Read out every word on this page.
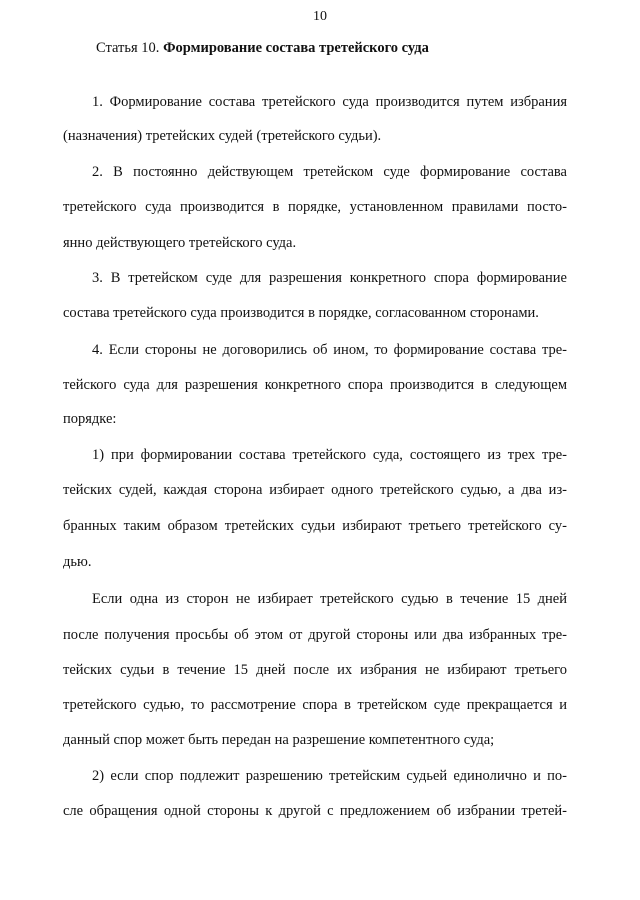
10
Статья 10. Формирование состава третейского суда
1. Формирование состава третейского суда производится путем избрания
(назначения) третейских судей (третейского судьи).
2. В постоянно действующем третейском суде формирование состава
третейского суда производится в порядке, установленном правилами посто-
янно действующего третейского суда.
3. В третейском суде для разрешения конкретного спора формирование
состава третейского суда производится в порядке, согласованном сторонами.
4. Если стороны не договорились об ином, то формирование состава тре-
тейского суда для разрешения конкретного спора производится в следующем
порядке:
1) при формировании состава третейского суда, состоящего из трех тре-
тейских судей, каждая сторона избирает одного третейского судью, а два из-
бранных таким образом третейских судьи избирают третьего третейского су-
дью.
Если одна из сторон не избирает третейского судью в течение 15 дней
после получения просьбы об этом от другой стороны или два избранных тре-
тейских судьи в течение 15 дней после их избрания не избирают третьего
третейского судью, то рассмотрение спора в третейском суде прекращается и
данный спор может быть передан на разрешение компетентного суда;
2) если спор подлежит разрешению третейским судьей единолично и по-
сле обращения одной стороны к другой с предложением об избрании третей-
